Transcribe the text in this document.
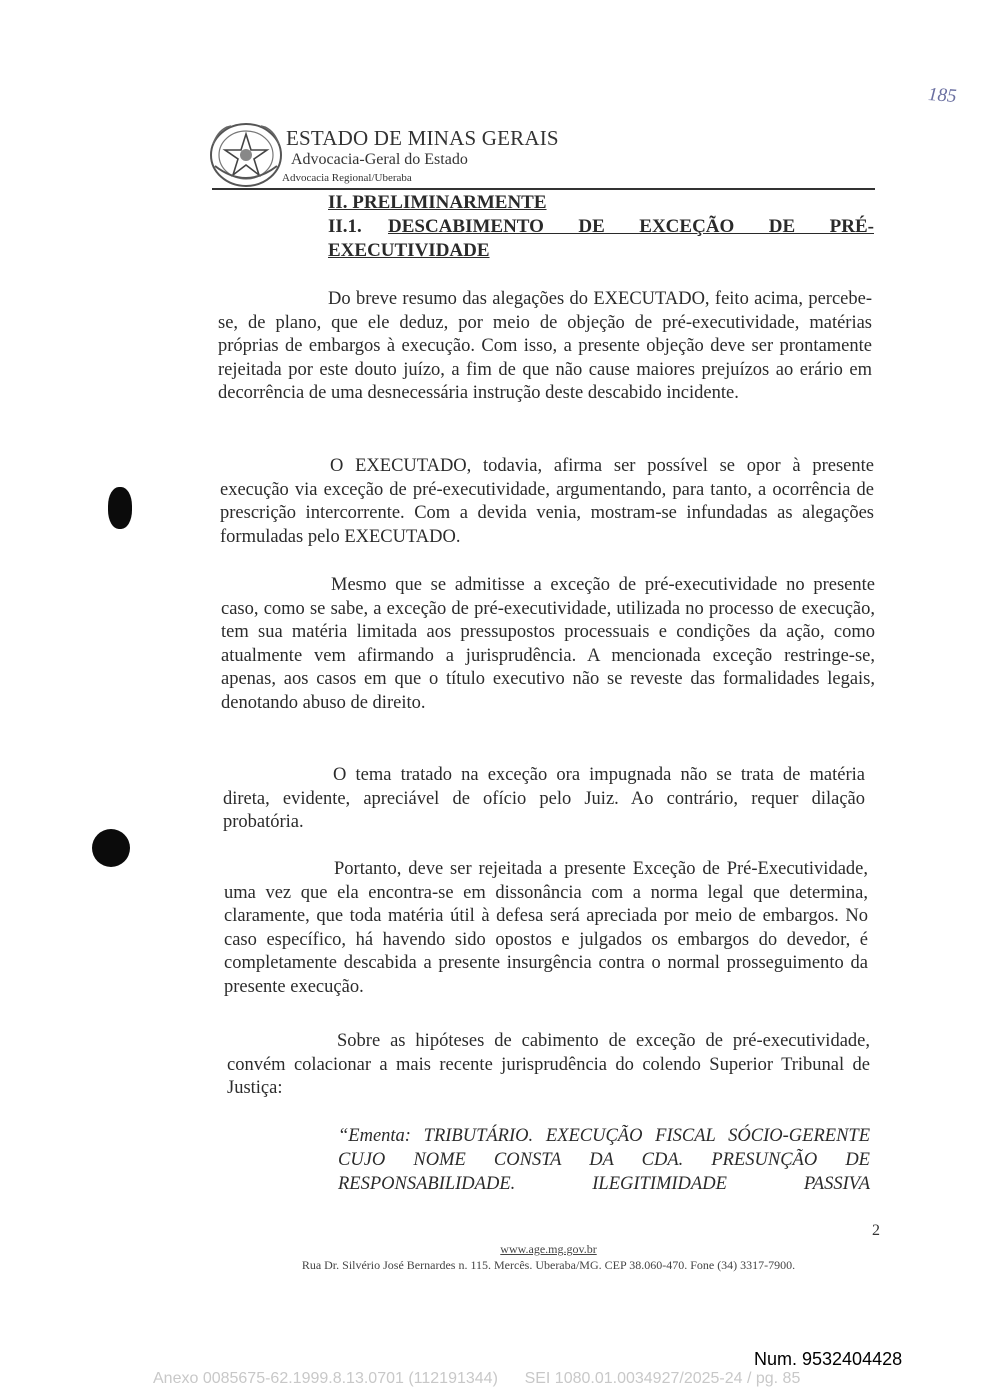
185
ESTADO DE MINAS GERAIS
Advocacia-Geral do Estado
Advocacia Regional/Uberaba
II. PRELIMINARMENTE
II.1. DESCABIMENTO DE EXCEÇÃO DE PRÉ-
EXECUTIVIDADE
Do breve resumo das alegações do EXECUTADO, feito acima, percebe-se, de plano, que ele deduz, por meio de objeção de pré-executividade, matérias próprias de embargos à execução. Com isso, a presente objeção deve ser prontamente rejeitada por este douto juízo, a fim de que não cause maiores prejuízos ao erário em decorrência de uma desnecessária instrução deste descabido incidente.
O EXECUTADO, todavia, afirma ser possível se opor à presente execução via exceção de pré-executividade, argumentando, para tanto, a ocorrência de prescrição intercorrente. Com a devida venia, mostram-se infundadas as alegações formuladas pelo EXECUTADO.
Mesmo que se admitisse a exceção de pré-executividade no presente caso, como se sabe, a exceção de pré-executividade, utilizada no processo de execução, tem sua matéria limitada aos pressupostos processuais e condições da ação, como atualmente vem afirmando a jurisprudência. A mencionada exceção restringe-se, apenas, aos casos em que o título executivo não se reveste das formalidades legais, denotando abuso de direito.
O tema tratado na exceção ora impugnada não se trata de matéria direta, evidente, apreciável de ofício pelo Juiz. Ao contrário, requer dilação probatória.
Portanto, deve ser rejeitada a presente Exceção de Pré-Executividade, uma vez que ela encontra-se em dissonância com a norma legal que determina, claramente, que toda matéria útil à defesa será apreciada por meio de embargos. No caso específico, há havendo sido opostos e julgados os embargos do devedor, é completamente descabida a presente insurgência contra o normal prosseguimento da presente execução.
Sobre as hipóteses de cabimento de exceção de pré-executividade, convém colacionar a mais recente jurisprudência do colendo Superior Tribunal de Justiça:
“Ementa: TRIBUTÁRIO. EXECUÇÃO FISCAL SÓCIO-GERENTE CUJO NOME CONSTA DA CDA. PRESUNÇÃO DE RESPONSABILIDADE. ILEGITIMIDADE PASSIVA
2
www.age.mg.gov.br
Rua Dr. Silvério José Bernardes n. 115. Mercês. Uberaba/MG. CEP 38.060-470. Fone (34) 3317-7900.
Num. 9532404428
Anexo 0085675-62.1999.8.13.0701 (112191344)      SEI 1080.01.0034927/2025-24 / pg. 85
